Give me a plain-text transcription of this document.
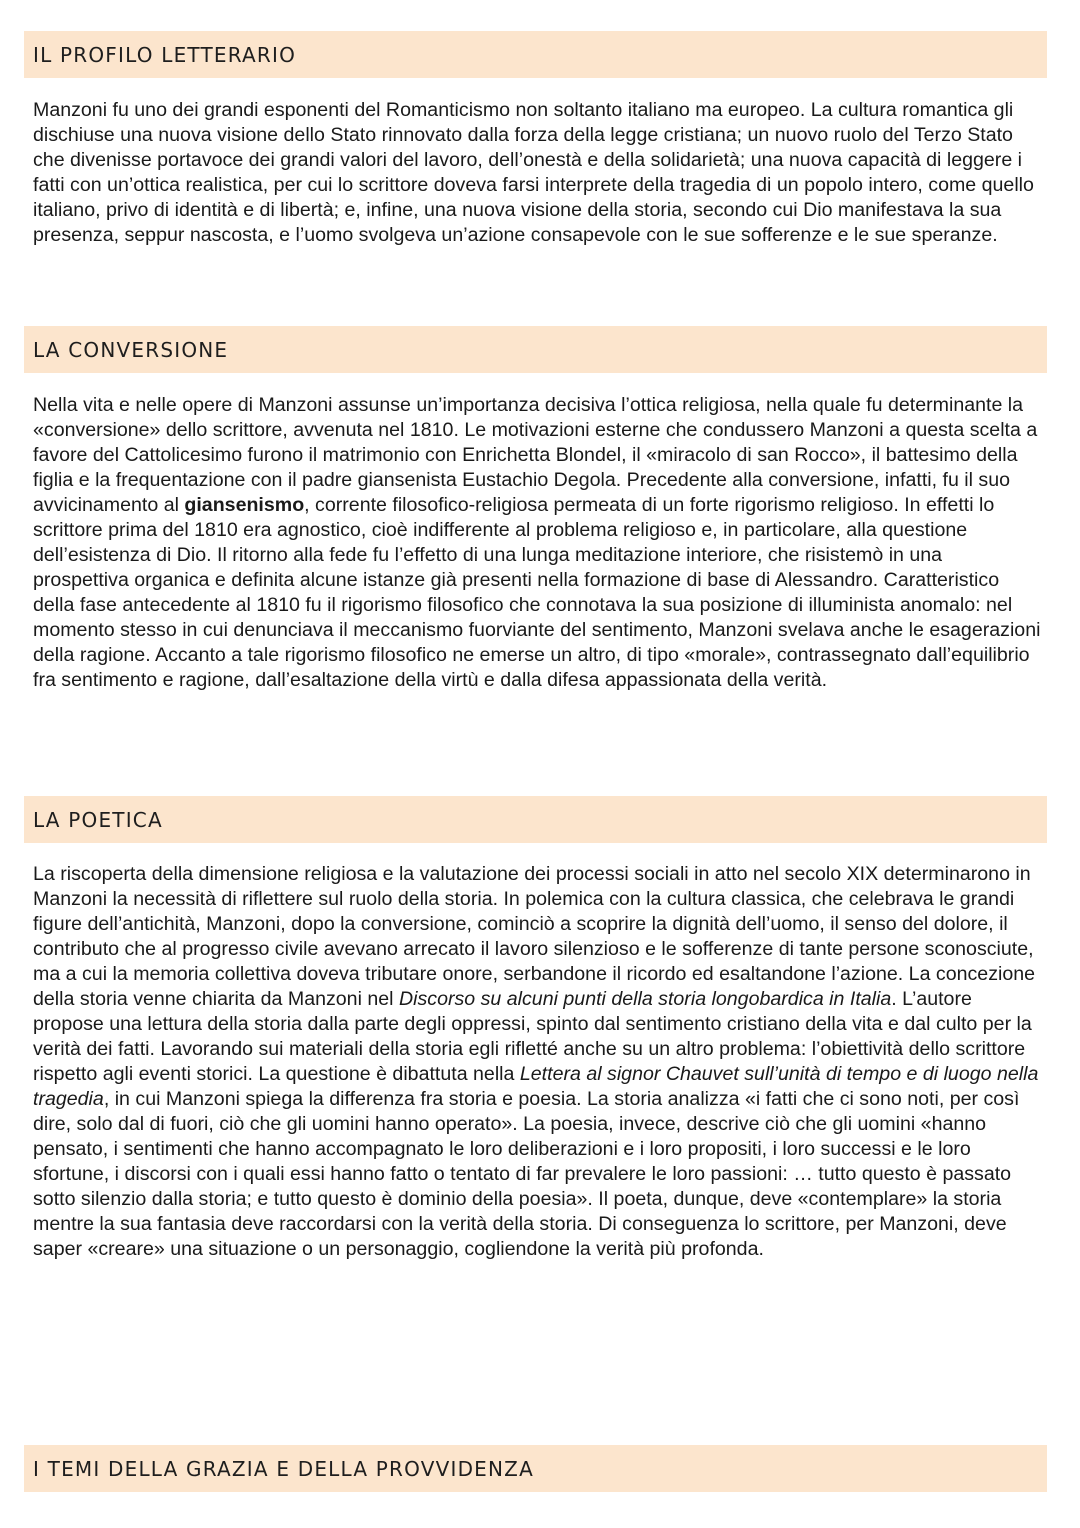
IL PROFILO LETTERARIO

Manzoni fu uno dei grandi esponenti del Romanticismo non soltanto italiano ma europeo. La cultura romantica gli dischiuse una nuova visione dello Stato rinnovato dalla forza della legge cristiana; un nuovo ruolo del Terzo Stato che divenisse portavoce dei grandi valori del lavoro, dell’onestà e della solidarietà; una nuova capacità di leggere i fatti con un’ottica realistica, per cui lo scrittore doveva farsi interprete della tragedia di un popolo intero, come quello italiano, privo di identità e di libertà; e, infine, una nuova visione della storia, secondo cui Dio manifestava la sua presenza, seppur nascosta, e l’uomo svolgeva un’azione consapevole con le sue sofferenze e le sue speranze.

LA CONVERSIONE

Nella vita e nelle opere di Manzoni assunse un’importanza decisiva l’ottica religiosa, nella quale fu determinante la «conversione» dello scrittore, avvenuta nel 1810. Le motivazioni esterne che condussero Manzoni a questa scelta a favore del Cattolicesimo furono il matrimonio con Enrichetta Blondel, il «miracolo di san Rocco», il battesimo della figlia e la frequentazione con il padre giansenista Eustachio Degola. Precedente alla conversione, infatti, fu il suo avvicinamento al giansenismo, corrente filosofico-religiosa permeata di un forte rigorismo religioso. In effetti lo scrittore prima del 1810 era agnostico, cioè indifferente al problema religioso e, in particolare, alla questione dell’esistenza di Dio. Il ritorno alla fede fu l’effetto di una lunga meditazione interiore, che risistemò in una prospettiva organica e definita alcune istanze già presenti nella formazione di base di Alessandro. Caratteristico della fase antecedente al 1810 fu il rigorismo filosofico che connotava la sua posizione di illuminista anomalo: nel momento stesso in cui denunciava il meccanismo fuorviante del sentimento, Manzoni svelava anche le esagerazioni della ragione. Accanto a tale rigorismo filosofico ne emerse un altro, di tipo «morale», contrassegnato dall’equilibrio fra sentimento e ragione, dall’esaltazione della virtù e dalla difesa appassionata della verità.

LA POETICA

La riscoperta della dimensione religiosa e la valutazione dei processi sociali in atto nel secolo XIX determinarono in Manzoni la necessità di riflettere sul ruolo della storia. In polemica con la cultura classica, che celebrava le grandi figure dell’antichità, Manzoni, dopo la conversione, cominciò a scoprire la dignità dell’uomo, il senso del dolore, il contributo che al progresso civile avevano arrecato il lavoro silenzioso e le sofferenze di tante persone sconosciute, ma a cui la memoria collettiva doveva tributare onore, serbandone il ricordo ed esaltandone l’azione. La concezione della storia venne chiarita da Manzoni nel Discorso su alcuni punti della storia longobardica in Italia. L’autore propose una lettura della storia dalla parte degli oppressi, spinto dal sentimento cristiano della vita e dal culto per la verità dei fatti. Lavorando sui materiali della storia egli rifletté anche su un altro problema: l’obiettività dello scrittore rispetto agli eventi storici. La questione è dibattuta nella Lettera al signor Chauvet sull’unità di tempo e di luogo nella tragedia, in cui Manzoni spiega la differenza fra storia e poesia. La storia analizza «i fatti che ci sono noti, per così dire, solo dal di fuori, ciò che gli uomini hanno operato». La poesia, invece, descrive ciò che gli uomini «hanno pensato, i sentimenti che hanno accompagnato le loro deliberazioni e i loro propositi, i loro successi e le loro sfortune, i discorsi con i quali essi hanno fatto o tentato di far prevalere le loro passioni: … tutto questo è passato sotto silenzio dalla storia; e tutto questo è dominio della poesia». Il poeta, dunque, deve «contemplare» la storia mentre la sua fantasia deve raccordarsi con la verità della storia. Di conseguenza lo scrittore, per Manzoni, deve saper «creare» una situazione o un personaggio, cogliendone la verità più profonda.

I TEMI DELLA GRAZIA E DELLA PROVVIDENZA
